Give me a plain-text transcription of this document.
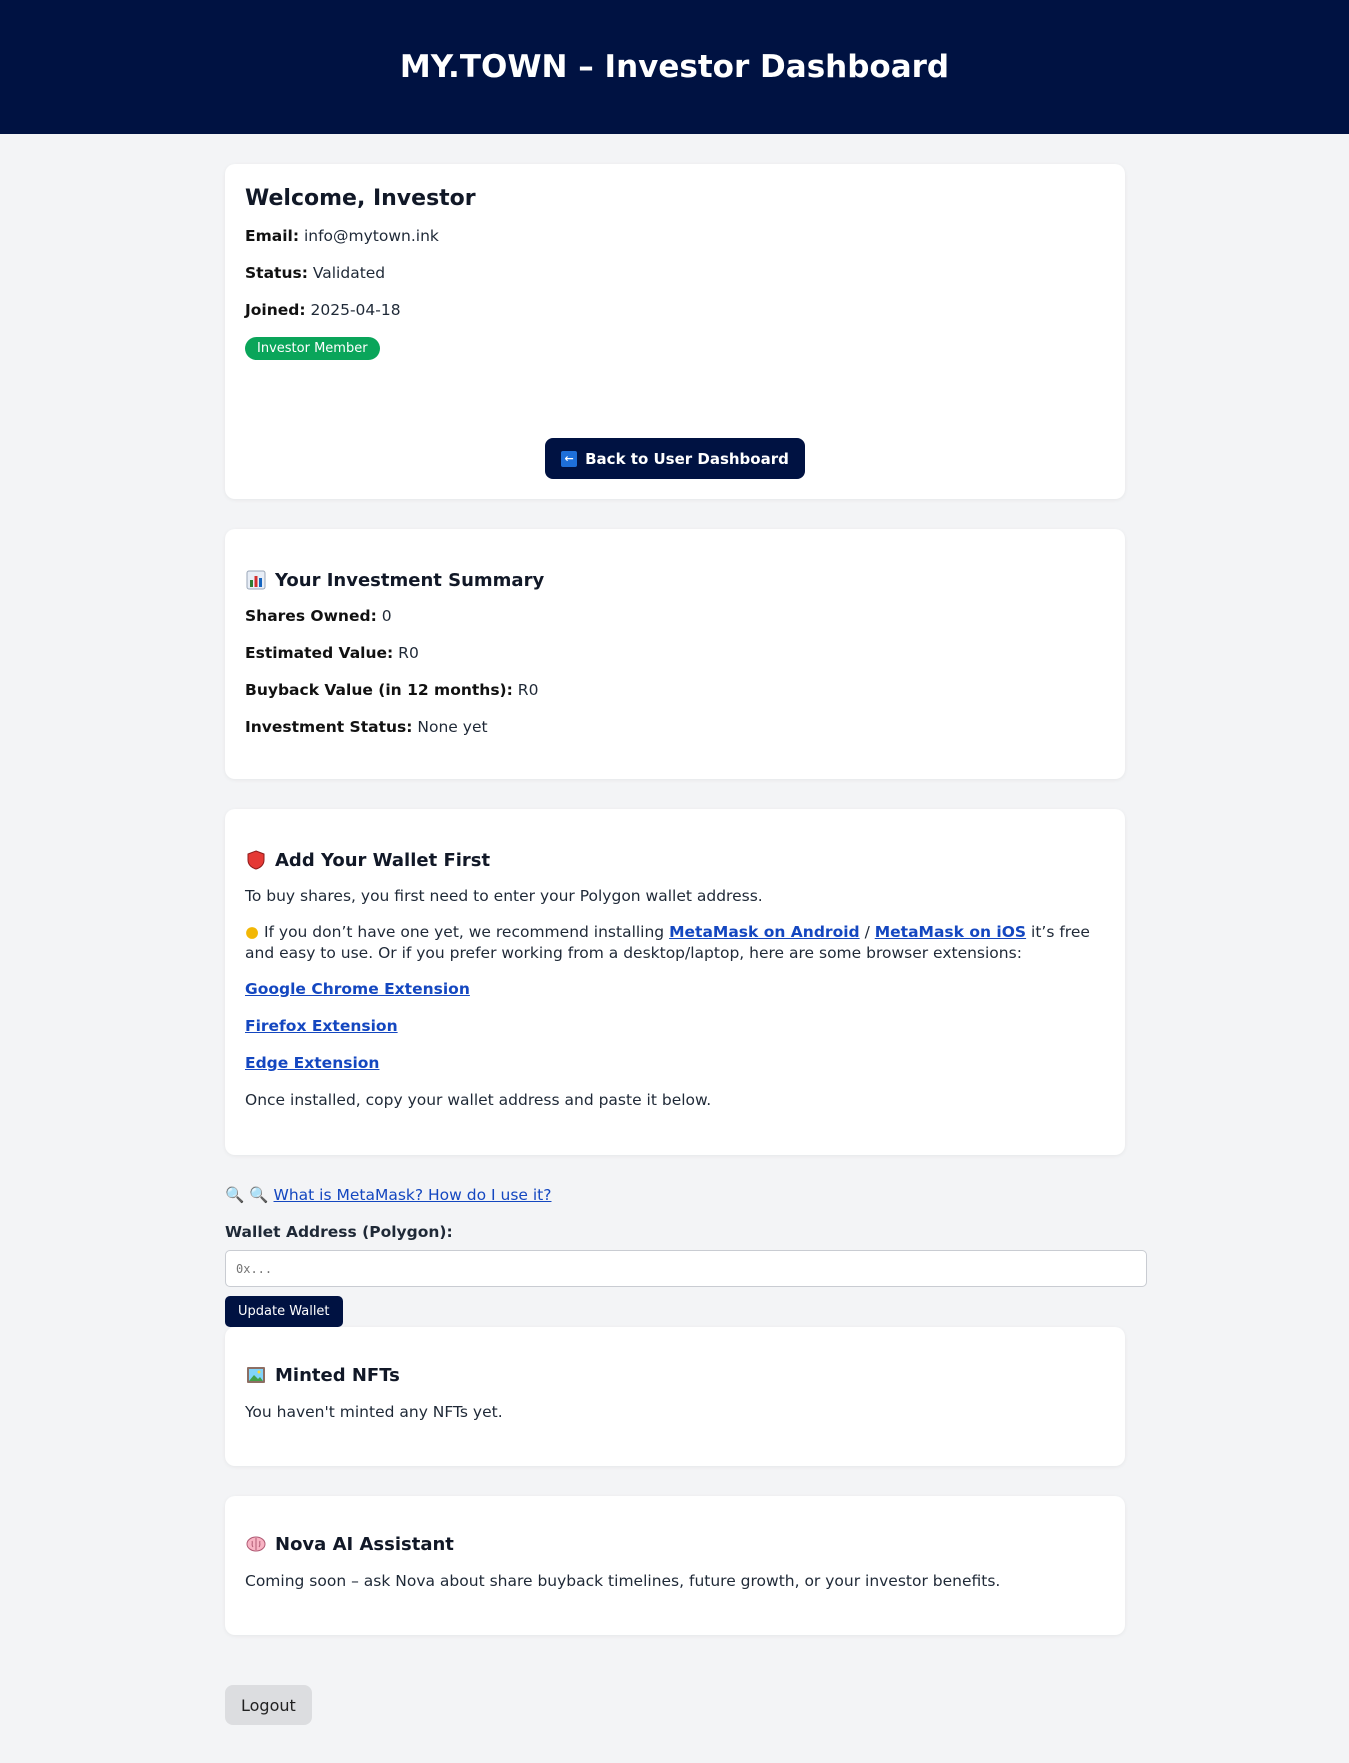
MY.TOWN – Investor Dashboard
Welcome, Investor
Email: info@mytown.ink
Status: Validated
Joined: 2025-04-18
Investor Member
← Back to User Dashboard
Your Investment Summary
Shares Owned: 0
Estimated Value: R0
Buyback Value (in 12 months): R0
Investment Status: None yet
Add Your Wallet First

To buy shares, you first need to enter your Polygon wallet address.

● If you don’t have one yet, we recommend installing MetaMask on Android / MetaMask on iOS it’s free and easy to use. Or if you prefer working from a desktop/laptop, here are some browser extensions:

Google Chrome Extension

Firefox Extension

Edge Extension

Once installed, copy your wallet address and paste it below.

🔍 🔍 What is MetaMask? How do I use it?
Wallet Address (Polygon):
0x...
Update Wallet
Minted NFTs

You haven't minted any NFTs yet.

Nova AI Assistant

Coming soon – ask Nova about share buyback timelines, future growth, or your investor benefits.

Logout
